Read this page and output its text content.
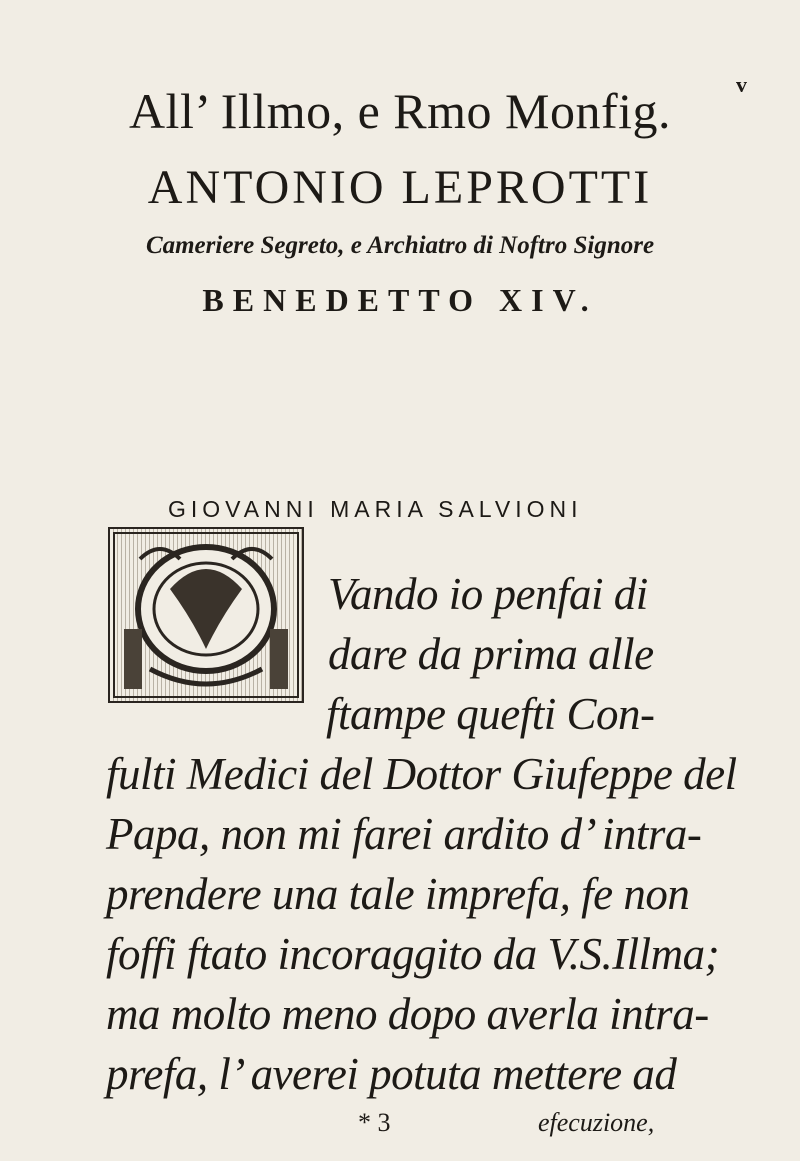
v
All’ Illmo, e Rmo Monfig.
ANTONIO LEPROTTI
Cameriere Segreto, e Archiatro di Noftro Signore
BENEDETTO XIV.
GIOVANNI MARIA SALVIONI
Vando io penfai di
dare da prima alle
ftampe quefti Con-
fulti Medici del Dottor Giufeppe del
Papa, non mi farei ardito d’ intra-
prendere una tale imprefa, fe non
foffi ftato incoraggito da V.S.Illma;
ma molto meno dopo averla intra-
prefa, l’ averei potuta mettere ad
* 3	efecuzione,
